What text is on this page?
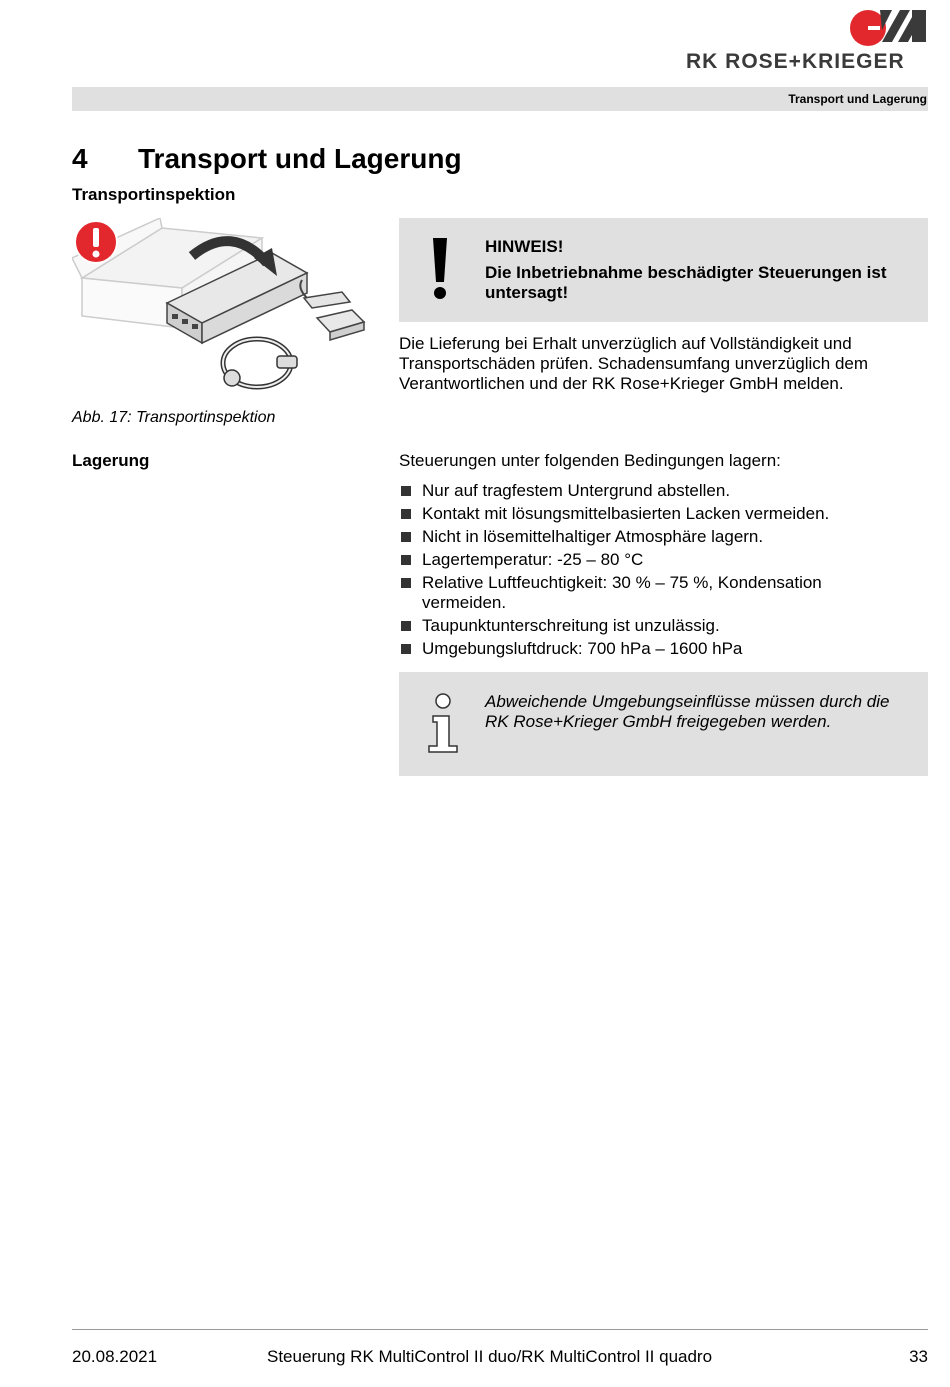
RK ROSE+KRIEGER
Transport und Lagerung
4 Transport und Lagerung
Transportinspektion
Abb. 17: Transportinspektion
HINWEIS!
Die Inbetriebnahme beschädigter Steuerungen ist untersagt!
Die Lieferung bei Erhalt unverzüglich auf Vollständigkeit und Transportschäden prüfen. Schadensumfang unverzüglich dem Verantwortlichen und der RK Rose+Krieger GmbH melden.
Lagerung	Steuerungen unter folgenden Bedingungen lagern:
Nur auf tragfestem Untergrund abstellen.
Kontakt mit lösungsmittelbasierten Lacken vermeiden.
Nicht in lösemittelhaltiger Atmosphäre lagern.
Lagertemperatur: -25 – 80 °C
Relative Luftfeuchtigkeit: 30 % – 75 %, Kondensation vermeiden.
Taupunktunterschreitung ist unzulässig.
Umgebungsluftdruck: 700 hPa – 1600 hPa
Abweichende Umgebungseinflüsse müssen durch die RK Rose+Krieger GmbH freigegeben werden.
20.08.2021	Steuerung RK MultiControl II duo/RK MultiControl II quadro	33
